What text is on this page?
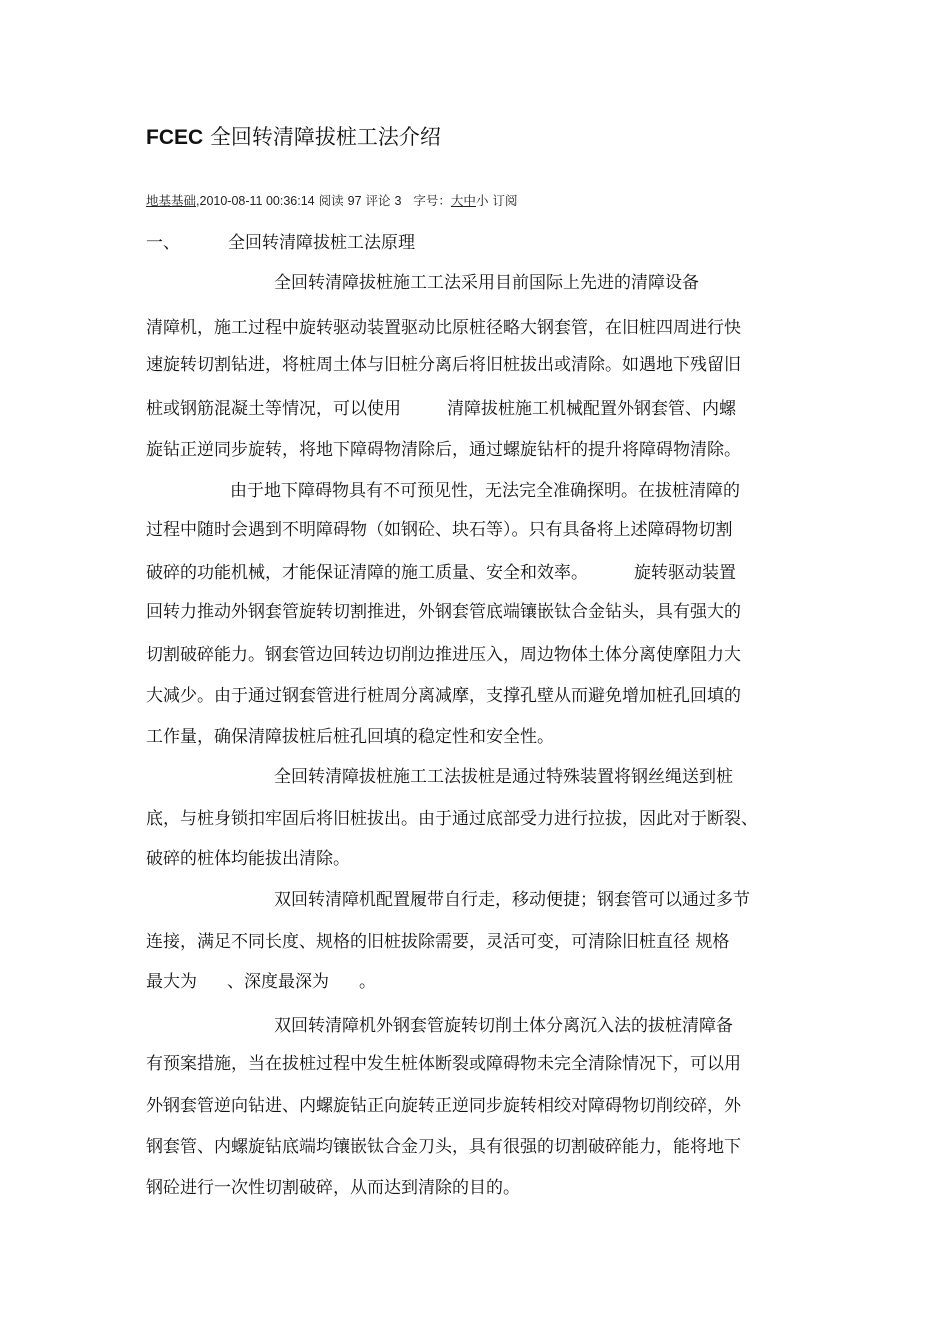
FCEC 全回转清障拔桩工法介绍
地基基础,2010-08-11 00:36:14 阅读 97 评论 3 字号：大中小 订阅
一、	全回转清障拔桩工法原理
全回转清障拔桩施工工法采用目前国际上先进的清障设备
清障机，施工过程中旋转驱动装置驱动比原桩径略大钢套管，在旧桩四周进行快
速旋转切割钻进，将桩周土体与旧桩分离后将旧桩拔出或清除。如遇地下残留旧
桩或钢筋混凝土等情况，可以使用	清障拔桩施工机械配置外钢套管、内螺
旋钻正逆同步旋转，将地下障碍物清除后，通过螺旋钻杆的提升将障碍物清除。
由于地下障碍物具有不可预见性，无法完全准确探明。在拔桩清障的
过程中随时会遇到不明障碍物（如钢砼、块石等）。只有具备将上述障碍物切割
破碎的功能机械，才能保证清障的施工质量、安全和效率。	旋转驱动装置
回转力推动外钢套管旋转切割推进，外钢套管底端镶嵌钛合金钻头，具有强大的
切割破碎能力。钢套管边回转边切削边推进压入，周边物体土体分离使摩阻力大
大减少。由于通过钢套管进行桩周分离减摩，支撑孔壁从而避免增加桩孔回填的
工作量，确保清障拔桩后桩孔回填的稳定性和安全性。
全回转清障拔桩施工工法拔桩是通过特殊装置将钢丝绳送到桩
底，与桩身锁扣牢固后将旧桩拔出。由于通过底部受力进行拉拔，因此对于断裂、
破碎的桩体均能拔出清除。
双回转清障机配置履带自行走，移动便捷；钢套管可以通过多节
连接，满足不同长度、规格的旧桩拔除需要，灵活可变，可清除旧桩直径 规格
最大为 、深度最深为 。
双回转清障机外钢套管旋转切削土体分离沉入法的拔桩清障备
有预案措施，当在拔桩过程中发生桩体断裂或障碍物未完全清除情况下，可以用
外钢套管逆向钻进、内螺旋钻正向旋转正逆同步旋转相绞对障碍物切削绞碎，外
钢套管、内螺旋钻底端均镶嵌钛合金刀头，具有很强的切割破碎能力，能将地下
钢砼进行一次性切割破碎，从而达到清除的目的。
